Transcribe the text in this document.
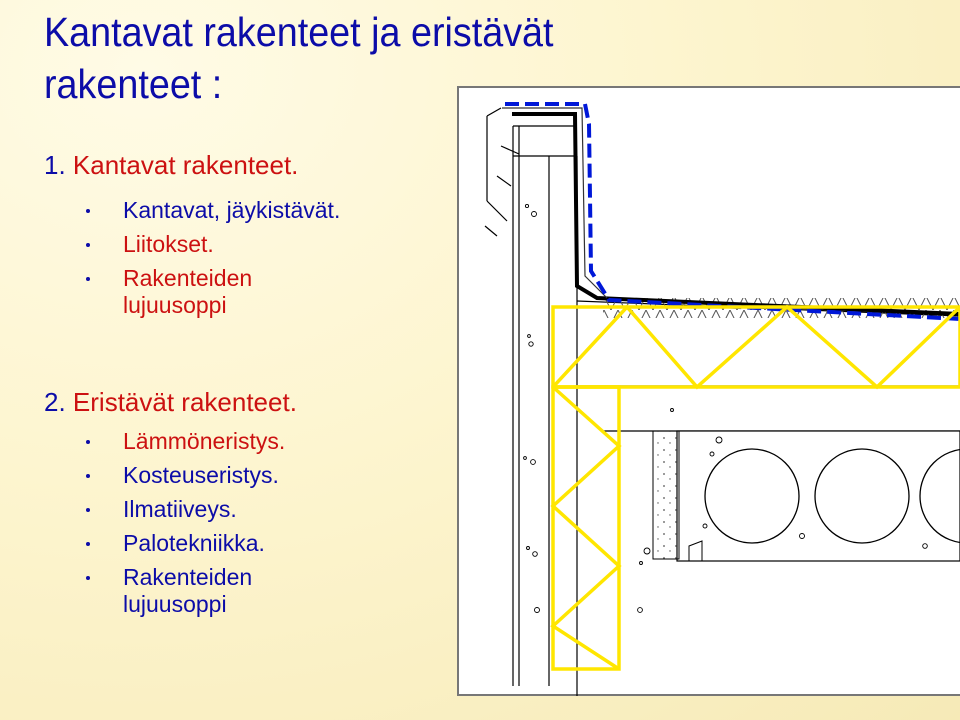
Kantavat rakenteet ja eristävät rakenteet :
1. Kantavat rakenteet.
Kantavat, jäykistävät.
Liitokset.
Rakenteiden lujuusoppi
2. Eristävät rakenteet.
Lämmöneristys.
Kosteuseristys.
Ilmatiiveys.
Palotekniikka.
Rakenteiden lujuusoppi
